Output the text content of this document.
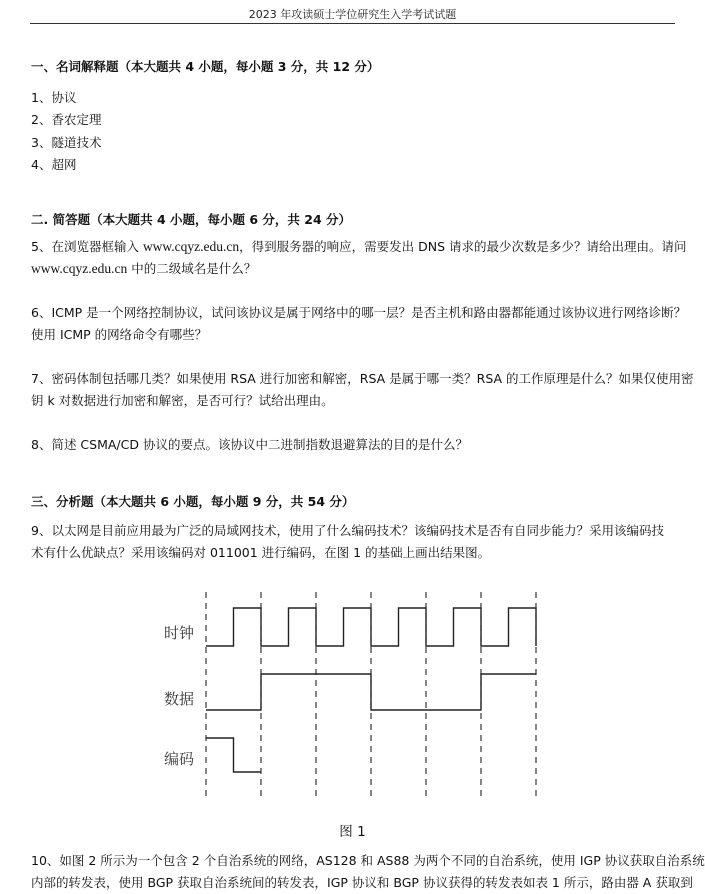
2023 年攻读硕士学位研究生入学考试试题
一、名词解释题（本大题共 4 小题，每小题 3 分，共 12 分）
1、协议
2、香农定理
3、隧道技术
4、超网
二. 简答题（本大题共 4 小题，每小题 6 分，共 24 分）
5、在浏览器框输入 www.cqyz.edu.cn，得到服务器的响应，需要发出 DNS 请求的最少次数是多少？请给出理由。请问
www.cqyz.edu.cn 中的二级域名是什么？
6、ICMP 是一个网络控制协议，试问该协议是属于网络中的哪一层？是否主机和路由器都能通过该协议进行网络诊断？
使用 ICMP 的网络命令有哪些？
7、密码体制包括哪几类？如果使用 RSA 进行加密和解密，RSA 是属于哪一类？RSA 的工作原理是什么？如果仅使用密
钥 k 对数据进行加密和解密，是否可行？试给出理由。
8、简述 CSMA/CD 协议的要点。该协议中二进制指数退避算法的目的是什么？
三、分析题（本大题共 6 小题，每小题 9 分，共 54 分）
9、以太网是目前应用最为广泛的局域网技术，使用了什么编码技术？该编码技术是否有自同步能力？采用该编码技
术有什么优缺点？采用该编码对 011001 进行编码，在图 1 的基础上画出结果图。
时钟
数据
编码
图 1
10、如图 2 所示为一个包含 2 个自治系统的网络，AS128 和 AS88 为两个不同的自治系统，使用 IGP 协议获取自治系统
内部的转发表，使用 BGP 获取自治系统间的转发表，IGP 协议和 BGP 协议获得的转发表如表 1 所示，路由器 A 获取到
